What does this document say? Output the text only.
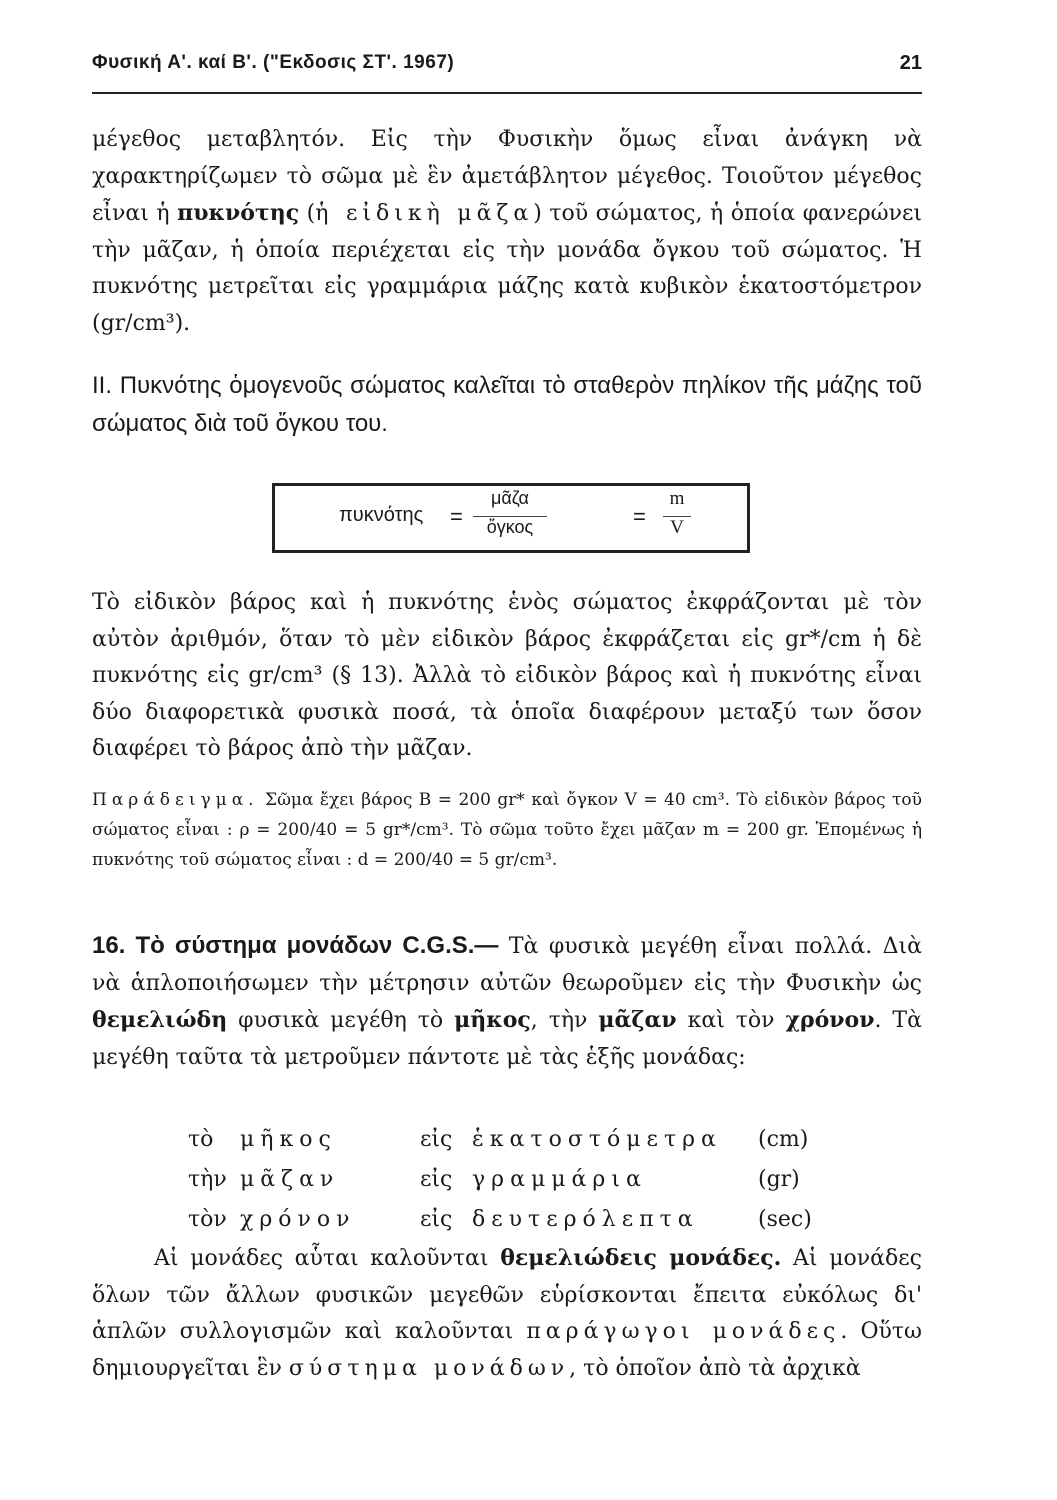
Φυσική Α'. καί Β'. ("Εκδοσις ΣΤ'. 1967)	21
μέγεθος μεταβλητόν. Εἰς τὴν Φυσικὴν ὅμως εἶναι ἀνάγκη νὰ χαρακτηρίζωμεν τὸ σῶμα μὲ ἓν ἀμετάβλητον μέγεθος. Τοιοῦτον μέγεθος εἶναι ἡ πυκνότης (ἡ εἰδικὴ μᾶζα) τοῦ σώματος, ἡ ὁποία φανερώνει τὴν μᾶζαν, ἡ ὁποία περιέχεται εἰς τὴν μονάδα ὄγκου τοῦ σώματος. Ἡ πυκνότης μετρεῖται εἰς γραμμάρια μάζης κατὰ κυβικὸν ἑκατοστόμετρον (gr/cm³).
ΙΙ. Πυκνότης ὁμογενοῦς σώματος καλεῖται τὸ σταθερὸν πηλίκον τῆς μάζης τοῦ σώματος διὰ τοῦ ὄγκου του.
πυκνότης =
μᾶζα
ὄγκος	= $\frac{m}{V}$
Τὸ εἰδικὸν βάρος καὶ ἡ πυκνότης ἑνὸς σώματος ἐκφράζονται μὲ τὸν αὐτὸν ἀριθμόν, ὅταν τὸ μὲν εἰδικὸν βάρος ἐκφράζεται εἰς gr*/cm ἡ δὲ πυκνότης εἰς gr/cm³ (§ 13). Ἀλλὰ τὸ εἰδικὸν βάρος καὶ ἡ πυκνότης εἶναι δύο διαφορετικὰ φυσικὰ ποσά, τὰ ὁποῖα διαφέρουν μεταξύ των ὅσον διαφέρει τὸ βάρος ἀπὸ τὴν μᾶζαν.
Παράδειγμα. Σῶμα ἔχει βάρος Β = 200 gr* καὶ ὄγκον V = 40 cm³. Τὸ εἰδικὸν βάρος τοῦ σώματος εἶναι : ρ = 200/40 = 5 gr*/cm³. Τὸ σῶμα τοῦτο ἔχει μᾶζαν m = 200 gr. Ἑπομένως ἡ πυκνότης τοῦ σώματος εἶναι : d = 200/40 = 5 gr/cm³.
16. Τὸ σύστημα μονάδων C.G.S.— Τὰ φυσικὰ μεγέθη εἶναι πολλά. Διὰ νὰ ἁπλοποιήσωμεν τὴν μέτρησιν αὐτῶν θεωροῦμεν εἰς τὴν Φυσικὴν ὡς θεμελιώδη φυσικὰ μεγέθη τὸ μῆκος, τὴν μᾶζαν καὶ τὸν χρόνον. Τὰ μεγέθη ταῦτα τὰ μετροῦμεν πάντοτε μὲ τὰς ἑξῆς μονάδας:
τὸ	μῆκος	εἰς ἑκατοστόμετρα	(cm)
τὴν μᾶζαν	εἰς γραμμάρια	(gr)
τὸν χρόνον	εἰς δευτερόλεπτα	(sec)
Αἱ μονάδες αὗται καλοῦνται θεμελιώδεις μονάδες. Αἱ μονάδες ὅλων τῶν ἄλλων φυσικῶν μεγεθῶν εὑρίσκονται ἔπειτα εὐκόλως δι' ἁπλῶν συλλογισμῶν καὶ καλοῦνται παράγωγοι μονάδες. Οὕτω δημιουργεῖται ἓν σύστημα μονάδων, τὸ ὁποῖον ἀπὸ τὰ ἀρχικὰ
